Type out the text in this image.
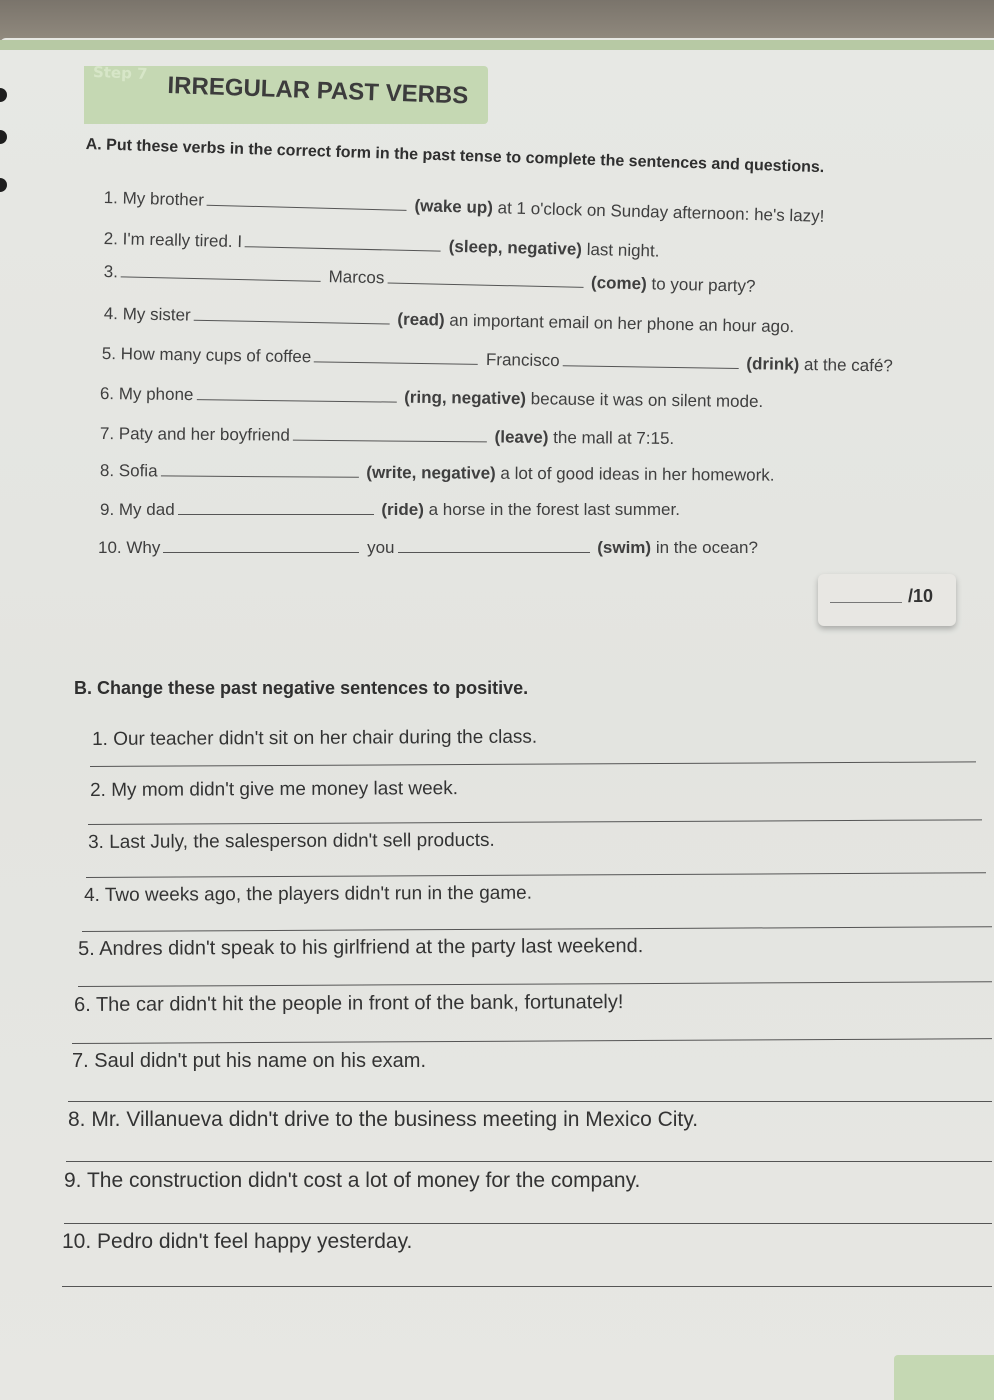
Step 7 IRREGULAR PAST VERBS
A. Put these verbs in the correct form in the past tense to complete the sentences and questions.
1. My brother	(wake up) at 1 o'clock on Sunday afternoon: he's lazy!
2. I'm really tired. I	(sleep, negative) last night.
3.	Marcos	(come) to your party?
4. My sister	(read) an important email on her phone an hour ago.
5. How many cups of coffee	Francisco	(drink) at the café?
6. My phone	(ring, negative) because it was on silent mode.
7. Paty and her boyfriend	(leave) the mall at 7:15.
8. Sofia	(write, negative) a lot of good ideas in her homework.
9. My dad	(ride) a horse in the forest last summer.
10. Why	you	(swim) in the ocean?
/10
B. Change these past negative sentences to positive.
1. Our teacher didn't sit on her chair during the class.
2. My mom didn't give me money last week.
3. Last July, the salesperson didn't sell products.
4. Two weeks ago, the players didn't run in the game.
5. Andres didn't speak to his girlfriend at the party last weekend.
6. The car didn't hit the people in front of the bank, fortunately!
7. Saul didn't put his name on his exam.
8. Mr. Villanueva didn't drive to the business meeting in Mexico City.
9. The construction didn't cost a lot of money for the company.
10. Pedro didn't feel happy yesterday.
